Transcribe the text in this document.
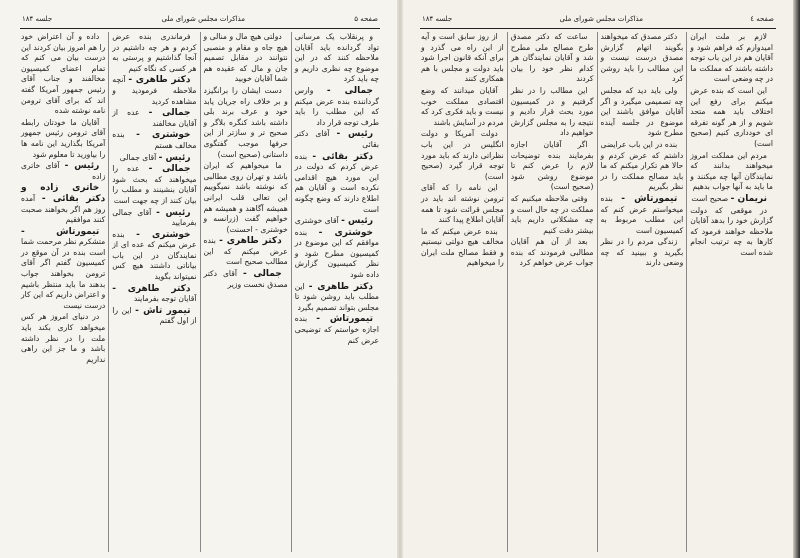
صفحه ۵
مذاکرات مجلس شورای ملی
جلسه ۱۸۴

و پرنقلاب یک مرسانی تواد گردانده باید آقایان ملاحظه کنند که در این موضوع چه نظری داریم و چه باید کرد

جمالی - وارس گرداننده بنده عرض میکنم که این مطلب را باید طرف توجه قرار داد

رئیس - آقای دکتر بقائی

دکتر بقائی - بنده عرض کردم که دولت در این مورد هیچ اقدامی نکرده است و آقایان هم اطلاع دارند که وضع چگونه است

رئیس - آقای خوشتری

خوشتری - بنده موافقم که این موضوع در کمیسیون مطرح شود و نظر کمیسیون گزارش داده شود

دکتر طاهری - این مطلب باید روشن شود تا مجلس بتواند تصمیم بگیرد

تیمورتاش - بنده اجازه خواستم که توضیحی عرض کنم

دولتی هیچ مال و منالی و هیچ جاه و مقام و منصبی نتوانند در مقابل تصمیم جان و مال که عقیده هم شما آقایان خوبید

دست ایشان را برانگیزد و بر خلاف راه جریان یابد خود و عرف برند بلی داشته باشد کنگره بلاگر و صحیح تر و سازتر از این حرفها موجب گفتگوی داستانی (صحیح است)

ما میخواهیم که ایران باشد و تهران روی مطالبی که نوشته باشد نمیگوییم این تعالی قلب ایرانی همیشه آگاهند و همیشه هم خواهیم گفت (زرانسه و خوشتری - احسنت)

دکتر طاهری - بنده عرض میکنم که این مطالب صحیح است

جمالی - آقای دکتر مصدق نخست وزیر

فرماندری بنده عرض کردم و هر چه داشتیم در آنجا گذاشتیم و پرستی به هر کسی که نگاه کنیم

دکتر طاهری - آنچه ملاحظه فرمودید و مشاهده کردید

جمالی - عده از آقایان مخالفند

خوشتری - بنده مخالف هستم

رئیس - آقای جمالی

جمالی - عده را میخواهند که بحث شود آقایان بنشینند و مطلب را بیان کنند از چه جهت است

رئیس - آقای جمالی بفرمایید

خوشتری - بنده عرض میکنم که عده ای از نمایندگان در این باب بیاناتی داشتند هیچ کس نمیتواند بگوید

دکتر طاهری - آقایان توجه بفرمایند

تیمور تاش - این را از اول گفتم

داده و آن اعتراض خود را هم امروز بیان کردند این درست بیان می کنم که تمام اعضای کمیسیون مخالفند و جناب آقای رئیس جمهور آمریکا گفته اند که برای آقای ترومن نامه نوشته شده

آقایان ما خودتان رابطه آقای ترومن رئیس جمهور آمریکا بگذارید این نامه ها را بیاورید تا معلوم شود

رئیس - آقای خاتری زاده

خاتری زاده و دکتر بقائی - آمده روز هم اگر بخواهند صحبت کنند موافقیم

تیمورتاش - متشکرم نظر مرحمت شما است بنده در آن موقع در کمیسیون گفتم اگر آقای ترومن بخواهند جواب بدهند ما باید منتظر باشیم و اعتراض داریم که این کار درست نیست

در دنیای امروز هر کس میخواهد کاری بکند باید ملت را در نظر داشته باشد و ما جز این راهی نداریم

صفحه ٤
مذاکرات مجلس شورای ملی
جلسه ۱۸۴

لازم بر ملت ایران امیدوارم که فراهم شود و آقایان هم در این باب توجه داشته باشند که مملکت ما در چه وضعی است

این است که بنده عرض میکنم برای رفع این اختلاف باید همه متحد شویم و از هر گونه تفرقه ای خودداری کنیم (صحیح است)

مردم این مملکت امروز میخواهند بدانند که نمایندگان آنها چه میکنند و ما باید به آنها جواب بدهیم

نریمان - صحیح است

در موقعی که دولت گزارش خود را بدهد آقایان ملاحظه خواهند فرمود که کارها به چه ترتیب انجام شده است

دکتر مصدق که میخواهند بگویند اتهام گزارش مصدق درست نیست و این مطالب را باید روشن کرد

ولی باید دید که مجلس چه تصمیمی میگیرد و اگر آقایان موافق باشند این موضوع در جلسه آینده مطرح شود

بنده در این باب عرایضی داشتم که عرض کردم و حالا هم تکرار میکنم که ما باید مصالح مملکت را در نظر بگیریم

تیمورتاش - بنده میخواستم عرض کنم که این مطلب مربوط به کمیسیون است

زندگی مردم را در نظر بگیرید و ببینید که چه وضعی دارند

ساعت که دکتر مصدق طرح مصالح ملی مطرح شد و آقایان نمایندگان هر کدام نظر خود را بیان کردند

این مطالب را در نظر گرفتیم و در کمیسیون مورد بحث قرار دادیم و نتیجه را به مجلس گزارش خواهیم داد

اگر آقایان اجازه بفرمایند بنده توضیحات لازم را عرض کنم تا موضوع روشن شود (صحیح است)

وقتی ملاحظه میکنیم که مملکت در چه حال است و چه مشکلاتی داریم باید بیشتر دقت کنیم

بعد از آن هم آقایان مطالبی فرمودند که بنده جواب عرض خواهم کرد

از روز سابق است و آیه از این راه می گذرد و برای آنکه قانون اجرا شود باید دولت و مجلس با هم همکاری کنند

آقایان میدانند که وضع اقتصادی مملکت خوب نیست و باید فکری کرد که مردم در آسایش باشند

دولت آمریکا و دولت انگلیس در این باب نظراتی دارند که باید مورد توجه قرار گیرد (صحیح است)

این نامه را که آقای ترومن نوشته اند باید در مجلس قرائت شود تا همه آقایان اطلاع پیدا کنند

بنده عرض میکنم که ما مخالف هیچ دولتی نیستیم و فقط مصالح ملت ایران را میخواهیم
